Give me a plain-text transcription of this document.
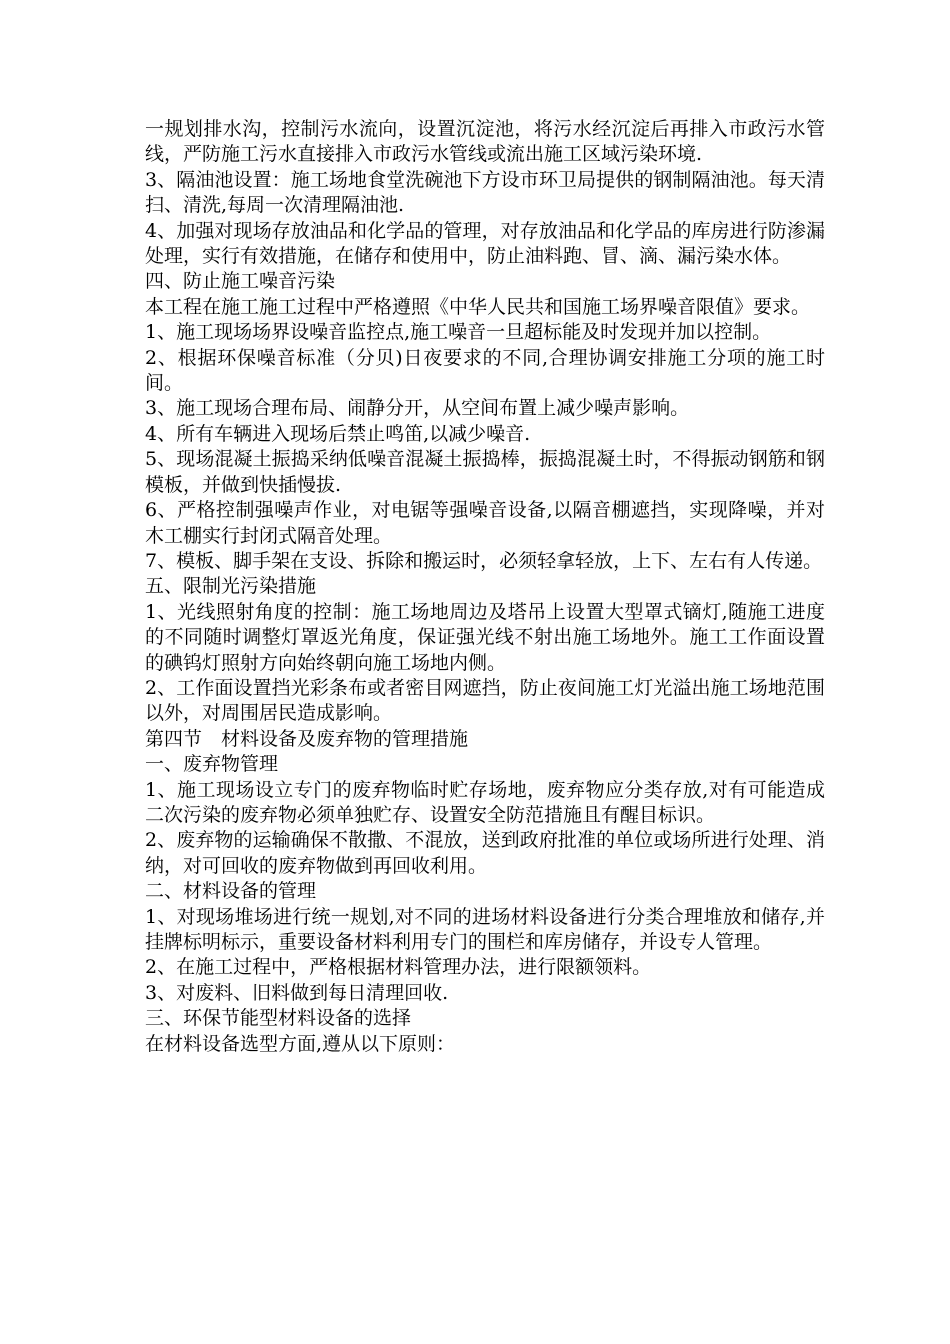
一规划排水沟，控制污水流向，设置沉淀池，将污水经沉淀后再排入市政污水管线，严防施工污水直接排入市政污水管线或流出施工区域污染环境.

3、隔油池设置：施工场地食堂洗碗池下方设市环卫局提供的钢制隔油池。每天清扫、清洗,每周一次清理隔油池.

4、加强对现场存放油品和化学品的管理，对存放油品和化学品的库房进行防渗漏处理，实行有效措施，在储存和使用中，防止油料跑、冒、滴、漏污染水体。

四、防止施工噪音污染

本工程在施工施工过程中严格遵照《中华人民共和国施工场界噪音限值》要求。

1、施工现场场界设噪音监控点,施工噪音一旦超标能及时发现并加以控制。

2、根据环保噪音标准（分贝)日夜要求的不同,合理协调安排施工分项的施工时间。

3、施工现场合理布局、闹静分开，从空间布置上减少噪声影响。

4、所有车辆进入现场后禁止鸣笛,以减少噪音.

5、现场混凝土振捣采纳低噪音混凝土振捣棒，振捣混凝土时，不得振动钢筋和钢模板，并做到快插慢拔.

6、严格控制强噪声作业，对电锯等强噪音设备,以隔音棚遮挡，实现降噪，并对木工棚实行封闭式隔音处理。

7、模板、脚手架在支设、拆除和搬运时，必须轻拿轻放，上下、左右有人传递。

五、限制光污染措施

1、光线照射角度的控制：施工场地周边及塔吊上设置大型罩式镝灯,随施工进度的不同随时调整灯罩返光角度，保证强光线不射出施工场地外。施工工作面设置的碘钨灯照射方向始终朝向施工场地内侧。

2、工作面设置挡光彩条布或者密目网遮挡，防止夜间施工灯光溢出施工场地范围以外，对周围居民造成影响。

第四节　材料设备及废弃物的管理措施

一、废弃物管理

1、施工现场设立专门的废弃物临时贮存场地，废弃物应分类存放,对有可能造成二次污染的废弃物必须单独贮存、设置安全防范措施且有醒目标识。

2、废弃物的运输确保不散撒、不混放，送到政府批准的单位或场所进行处理、消纳，对可回收的废弃物做到再回收利用。

二、材料设备的管理

1、对现场堆场进行统一规划,对不同的进场材料设备进行分类合理堆放和储存,并挂牌标明标示，重要设备材料利用专门的围栏和库房储存，并设专人管理。

2、在施工过程中，严格根据材料管理办法，进行限额领料。

3、对废料、旧料做到每日清理回收.

三、环保节能型材料设备的选择

在材料设备选型方面,遵从以下原则：
